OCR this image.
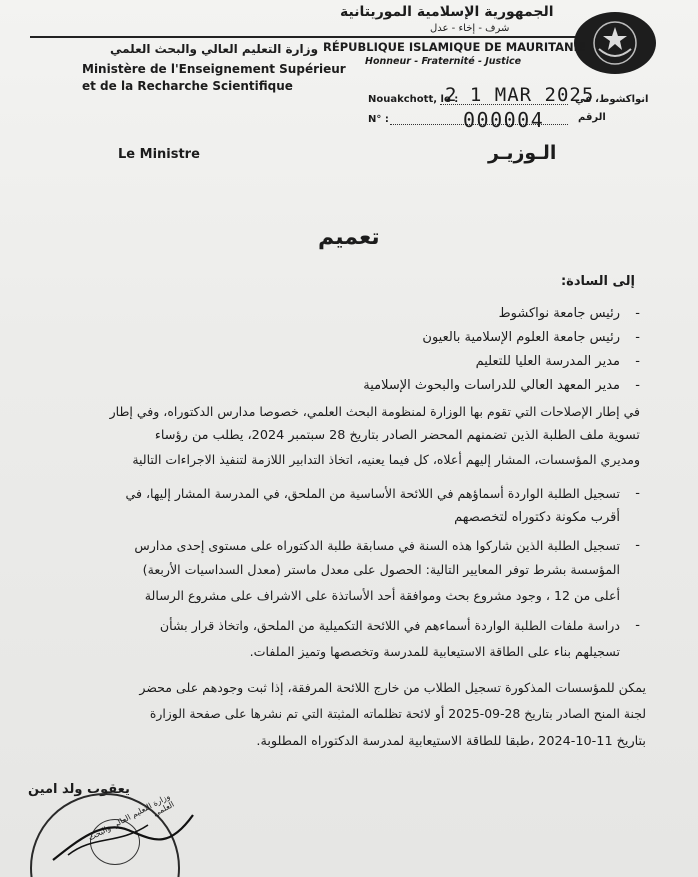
الجمهورية الإسلامية الموريتانية
شرف - إخاء - عدل
RÉPUBLIQUE ISLAMIQUE DE MAURITANIE
Honneur - Fraternité - Justice
وزارة التعليم العالي والبحث العلمي
Ministère de l'Enseignement Supérieur
et de la Recharche Scientifique
Nouakchott, le :
2 1 MAR 2025
انواكشوط، في
N° :	000004	الرقم
Le Ministre	الـوزيـر
تعميم
إلى السادة:
-
رئيس جامعة نواكشوط
-
رئيس جامعة العلوم الإسلامية بالعيون
-
مدير المدرسة العليا للتعليم
-
مدير المعهد العالي للدراسات والبحوث الإسلامية
في إطار الإصلاحات التي تقوم بها الوزارة لمنظومة البحث العلمي، خصوصا مدارس الدكتوراه، وفي إطار
تسوية ملف الطلبة الذين تضمنهم المحضر الصادر بتاريخ 28 سبتمبر 2024، يطلب من رؤساء
ومديري المؤسسات، المشار إليهم أعلاه، كل فيما يعنيه، اتخاذ التدابير اللازمة لتنفيذ الاجراءات التالية
-
تسجيل الطلبة الواردة أسماؤهم في اللائحة الأساسية من الملحق، في المدرسة المشار إليها، في
أقرب مكونة دكتوراه لتخصصهم
-
تسجيل الطلبة الذين شاركوا هذه السنة في مسابقة طلبة الدكتوراه على مستوى إحدى مدارس
المؤسسة بشرط توفر المعايير التالية: الحصول على معدل ماستر (معدل السداسيات الأربعة)
أعلى من 12 ، وجود مشروع بحث وموافقة أحد الأساتذة على الاشراف على مشروع الرسالة
-
دراسة ملفات الطلبة الواردة أسماءهم في اللائحة التكميلية من الملحق، واتخاذ قرار بشأن
تسجيلهم بناء على الطاقة الاستيعابية للمدرسة وتخصصها وتميز الملفات.
يمكن للمؤسسات المذكورة تسجيل الطلاب من خارج اللائحة المرفقة، إذا ثبت وجودهم على محضر
لجنة المنح الصادر بتاريخ 28-09-2025 أو لائحة تظلماته المثبتة التي تم نشرها على صفحة الوزارة
بتاريخ 11-10-2024 ،طبقا للطاقة الاستيعابية لمدرسة الدكتوراه المطلوبة.
يعقوب ولد امين
وزارة التعليم العالي والبحث العلمي
